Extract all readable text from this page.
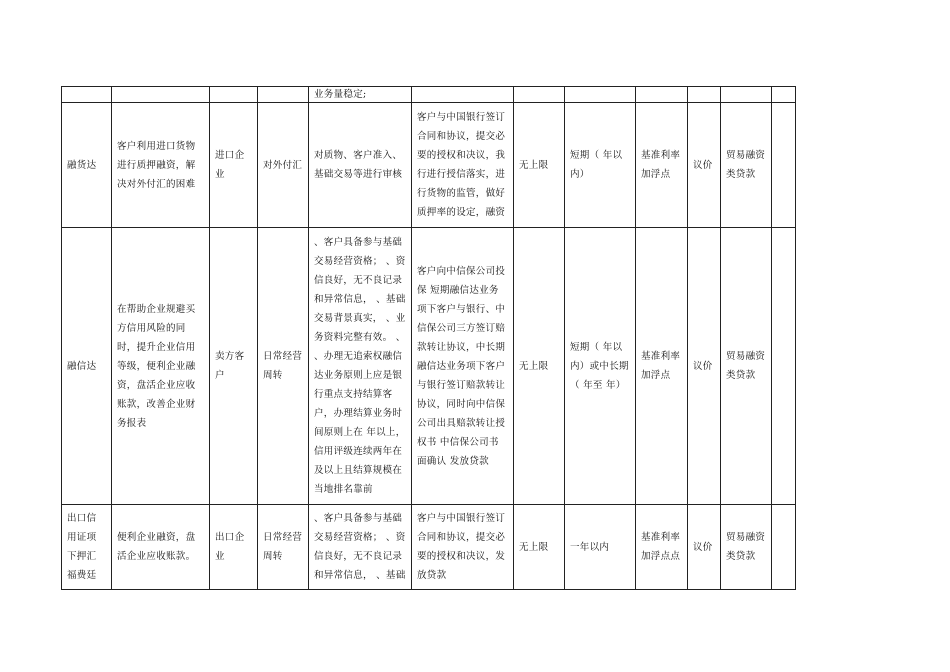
				业务量稳定;							
融货达	客户利用进口货物进行质押融资，解决对外付汇的困难	进口企业	对外付汇	对质物、客户准入、基础交易等进行审核	客户与中国银行签订合同和协议，提交必要的授权和决议，我行进行授信落实，进行货物的监管，做好质押率的设定，融资	无上限	短期（ 年以内）	基准利率加浮点	议价	贸易融资类贷款	
融信达	在帮助企业规避买方信用风险的同时，提升企业信用等级，便利企业融资，盘活企业应收账款，改善企业财务报表	卖方客户	日常经营周转	、客户具备参与基础交易经营资格； 、资信良好，无不良记录和异常信息， 、基础交易背景真实， 、业务资料完整有效。 、 、办理无追索权融信达业务原则上应是银行重点支持结算客户，办理结算业务时间原则上在 年以上，信用评级连续两年在 及以上且结算规模在当地排名靠前	客户向中信保公司投保 短期融信达业务项下客户与银行、中信保公司三方签订赔款转让协议，中长期融信达业务项下客户与银行签订赔款转让协议，同时向中信保公司出具赔款转让授权书 中信保公司书面确认 发放贷款	无上限	短期（ 年以内）或中长期（ 年至 年）	基准利率加浮点	议价	贸易融资类贷款	
出口信用证项下押汇福费廷	便利企业融资，盘活企业应收账款。	出口企业	日常经营周转	、客户具备参与基础交易经营资格； 、资信良好，无不良记录和异常信息， 、基础	客户与中国银行签订合同和协议，提交必要的授权和决议，发放贷款	无上限	一年以内	基准利率加浮点点	议价	贸易融资类贷款	
